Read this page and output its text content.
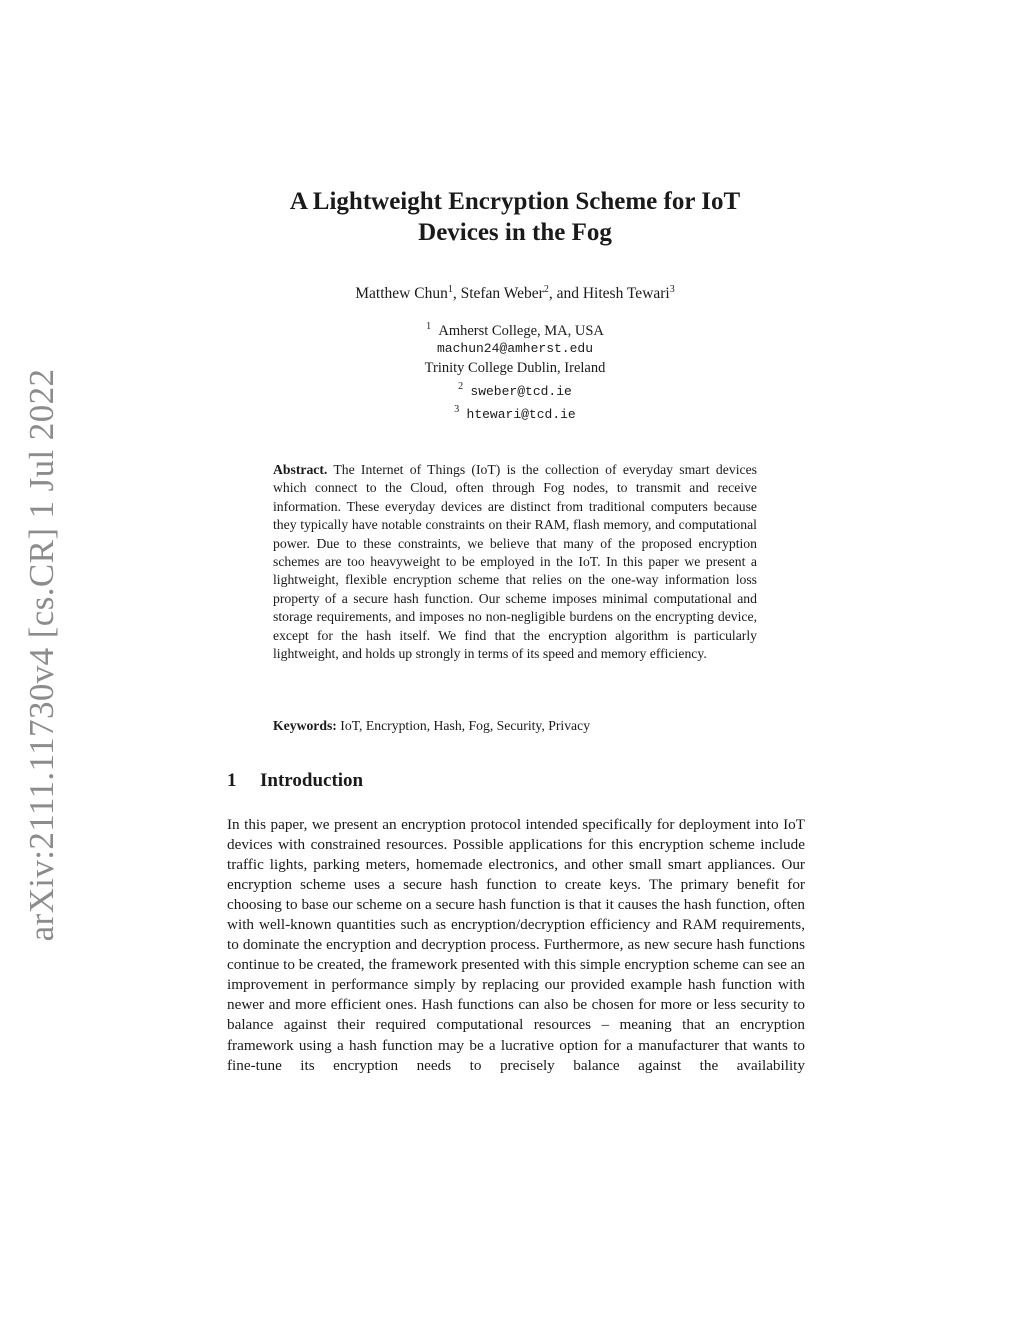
arXiv:2111.11730v4 [cs.CR] 1 Jul 2022
A Lightweight Encryption Scheme for IoT
Devices in the Fog
Matthew Chun$^1$, Stefan Weber$^2$, and Hitesh Tewari$^3$
$^1$ Amherst College, MA, USA
machun24@amherst.edu
Trinity College Dublin, Ireland
$^2$ sweber@tcd.ie
$^3$ htewari@tcd.ie
Abstract. The Internet of Things (IoT) is the collection of everyday smart devices which connect to the Cloud, often through Fog nodes, to transmit and receive information. These everyday devices are distinct from traditional computers because they typically have notable constraints on their RAM, flash memory, and computational power. Due to these constraints, we believe that many of the proposed encryption schemes are too heavyweight to be employed in the IoT. In this paper we present a lightweight, flexible encryption scheme that relies on the one-way information loss property of a secure hash function. Our scheme imposes minimal computational and storage requirements, and imposes no non-negligible burdens on the encrypting device, except for the hash itself. We find that the encryption algorithm is particularly lightweight, and holds up strongly in terms of its speed and memory efficiency.
Keywords: IoT, Encryption, Hash, Fog, Security, Privacy
1 Introduction
In this paper, we present an encryption protocol intended specifically for deployment into IoT devices with constrained resources. Possible applications for this encryption scheme include traffic lights, parking meters, homemade electronics, and other small smart appliances. Our encryption scheme uses a secure hash function to create keys. The primary benefit for choosing to base our scheme on a secure hash function is that it causes the hash function, often with well-known quantities such as encryption/decryption efficiency and RAM requirements, to dominate the encryption and decryption process. Furthermore, as new secure hash functions continue to be created, the framework presented with this simple encryption scheme can see an improvement in performance simply by replacing our provided example hash function with newer and more efficient ones. Hash functions can also be chosen for more or less security to balance against their required computational resources – meaning that an encryption framework using a hash function may be a lucrative option for a manufacturer that wants to fine-tune its encryption needs to precisely balance against the availability
